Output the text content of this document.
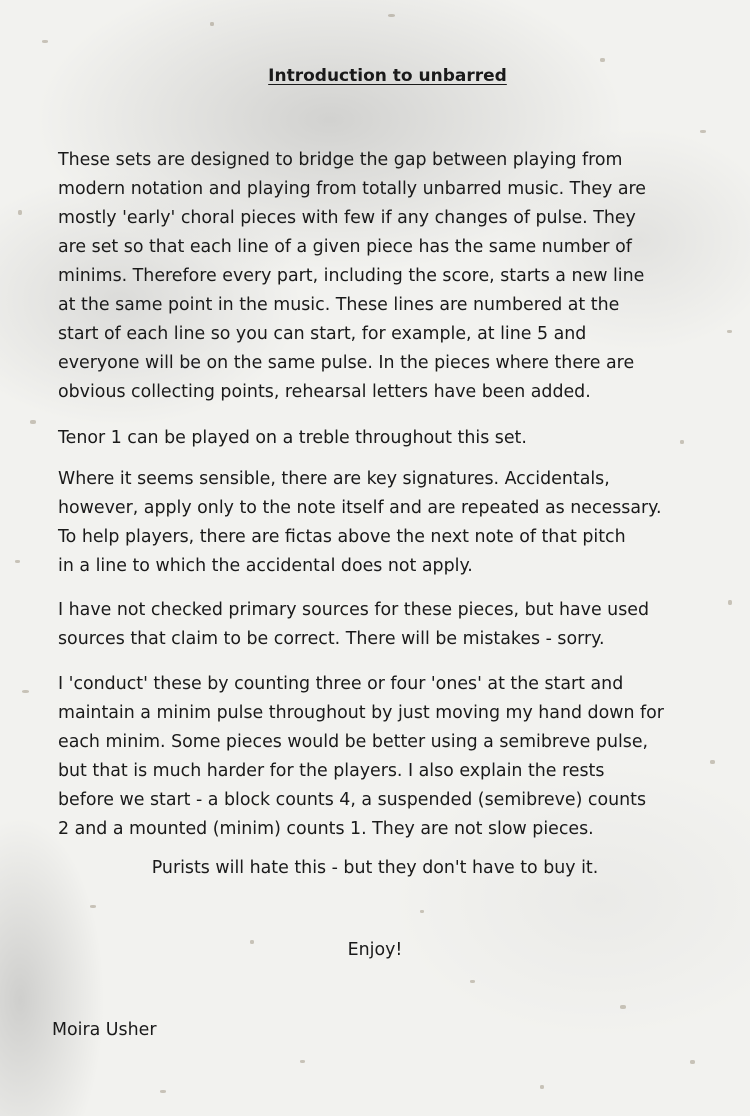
Introduction to unbarred
These sets are designed to bridge the gap between playing from
modern notation and playing from totally unbarred music. They are
mostly 'early' choral pieces with few if any changes of pulse. They
are set so that each line of a given piece has the same number of
minims. Therefore every part, including the score, starts a new line
at the same point in the music. These lines are numbered at the
start of each line so you can start, for example, at line 5 and
everyone will be on the same pulse. In the pieces where there are
obvious collecting points, rehearsal letters have been added.
Tenor 1 can be played on a treble throughout this set.
Where it seems sensible, there are key signatures. Accidentals,
however, apply only to the note itself and are repeated as necessary.
To help players, there are fictas above the next note of that pitch
in a line to which the accidental does not apply.
I have not checked primary sources for these pieces, but have used
sources that claim to be correct. There will be mistakes - sorry.
I 'conduct' these by counting three or four 'ones' at the start and
maintain a minim pulse throughout by just moving my hand down for
each minim. Some pieces would be better using a semibreve pulse,
but that is much harder for the players. I also explain the rests
before we start - a block counts 4, a suspended (semibreve) counts
2 and a mounted (minim) counts 1. They are not slow pieces.
Purists will hate this - but they don't have to buy it.
Enjoy!
Moira Usher
